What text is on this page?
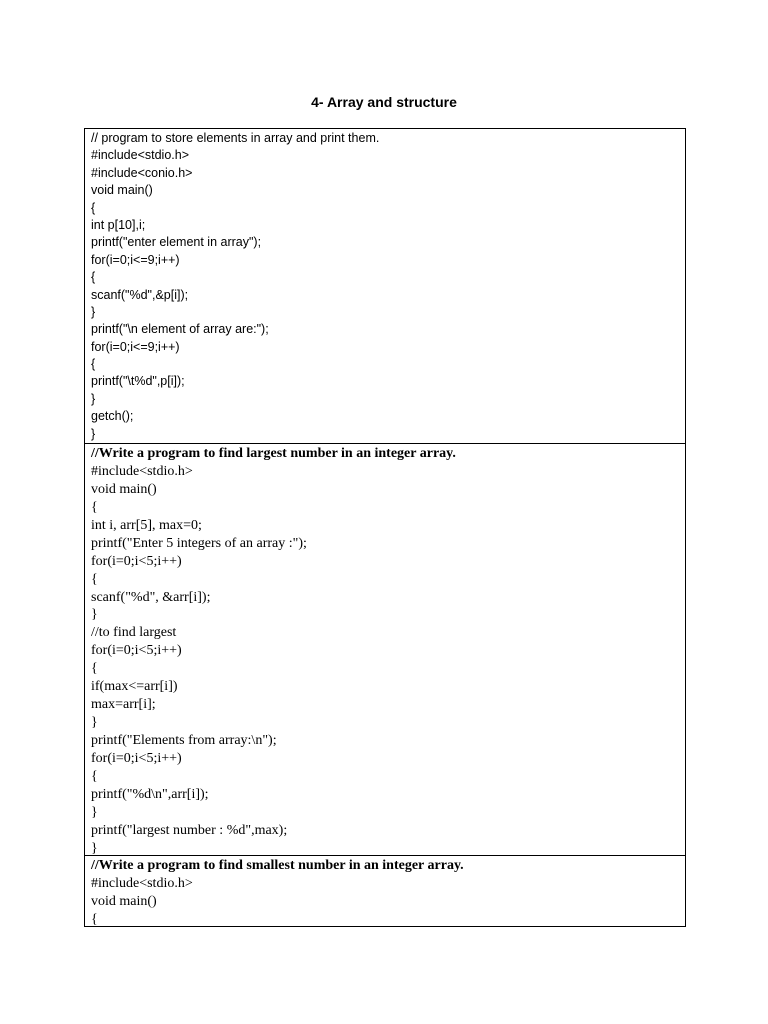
4- Array and structure
// program to store elements in array and print them.
#include<stdio.h>
#include<conio.h>
void main()
{
int p[10],i;
printf("enter element in array");
for(i=0;i<=9;i++)
{
scanf("%d",&p[i]);
}
printf("\n element of array are:");
for(i=0;i<=9;i++)
{
printf("\t%d",p[i]);
}
getch();
}
//Write a program to find largest number in an integer array.
#include<stdio.h>
void main()
{
int i, arr[5], max=0;
printf("Enter 5 integers of an array :");
for(i=0;i<5;i++)
{
scanf("%d", &arr[i]);
}
//to find largest
for(i=0;i<5;i++)
{
if(max<=arr[i])
max=arr[i];
}
printf("Elements from array:\n");
for(i=0;i<5;i++)
{
printf("%d\n",arr[i]);
}
printf("largest number : %d",max);
}
//Write a program to find smallest number in an integer array.
#include<stdio.h>
void main()
{
